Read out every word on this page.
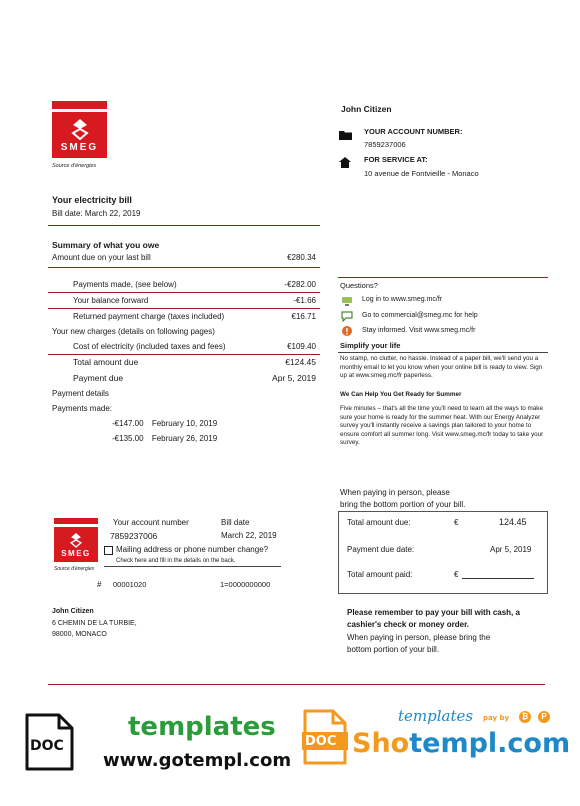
SMEG
Source d'énergies
Your electricity bill
Bill date: March 22, 2019
Summary of what you owe
Amount due on your last bill	€280.34
Payments made, (see below)	-€282.00
Your balance forward	-€1.66
Returned payment charge (taxes included)	€16.71
Your new charges (details on following pages)
Cost of electricity (included taxes and fees)	€109.40
Total amount due	€124.45
Payment due	Apr 5, 2019
Payment details
Payments made:
-€147.00 February 10, 2019
-€135.00 February 26, 2019
John Citizen
YOUR ACCOUNT NUMBER:
7859237006
FOR SERVICE AT:
10 avenue de Fontvieille - Monaco
Questions?
Log in to www.smeg.mc/fr
Go to commercial@smeg.mc for help
Stay informed. Visit www.smeg.mc/fr
Simplify your life
No stamp, no clutter, no hassle. Instead of a paper bill, we'll send you a monthly email to let you know when your online bill is ready to view. Sign up at www.smeg.mc/fr paperless.
We Can Help You Get Ready for Summer
Five minutes – that's all the time you'll need to learn all the ways to make sure your home is ready for the summer heat. With our Energy Analyzer survey you'll instantly receive a savings plan tailored to your home to ensure comfort all summer long. Visit www.smeg.mc/fr today to take your survey.
When paying in person, please
bring the bottom portion of your bill.
Total amount due:	€	124.45
Payment due date:	Apr 5, 2019
Total amount paid:	€
Please remember to pay your bill with cash, a
cashier's check or money order.
When paying in person, please bring the
bottom portion of your bill.
SMEG
Source d'énergies
Your account number
7859237006
Bill date
March 22, 2019
Mailing address or phone number change?
Check here and fill in the details on the back.
# 00001020	1=0000000000
John Citizen
6 CHEMIN DE LA TURBIE,
98000, MONACO
DOC
templates
www.gotempl.com
DOC
templates pay by	₿	P
Shotempl.com
